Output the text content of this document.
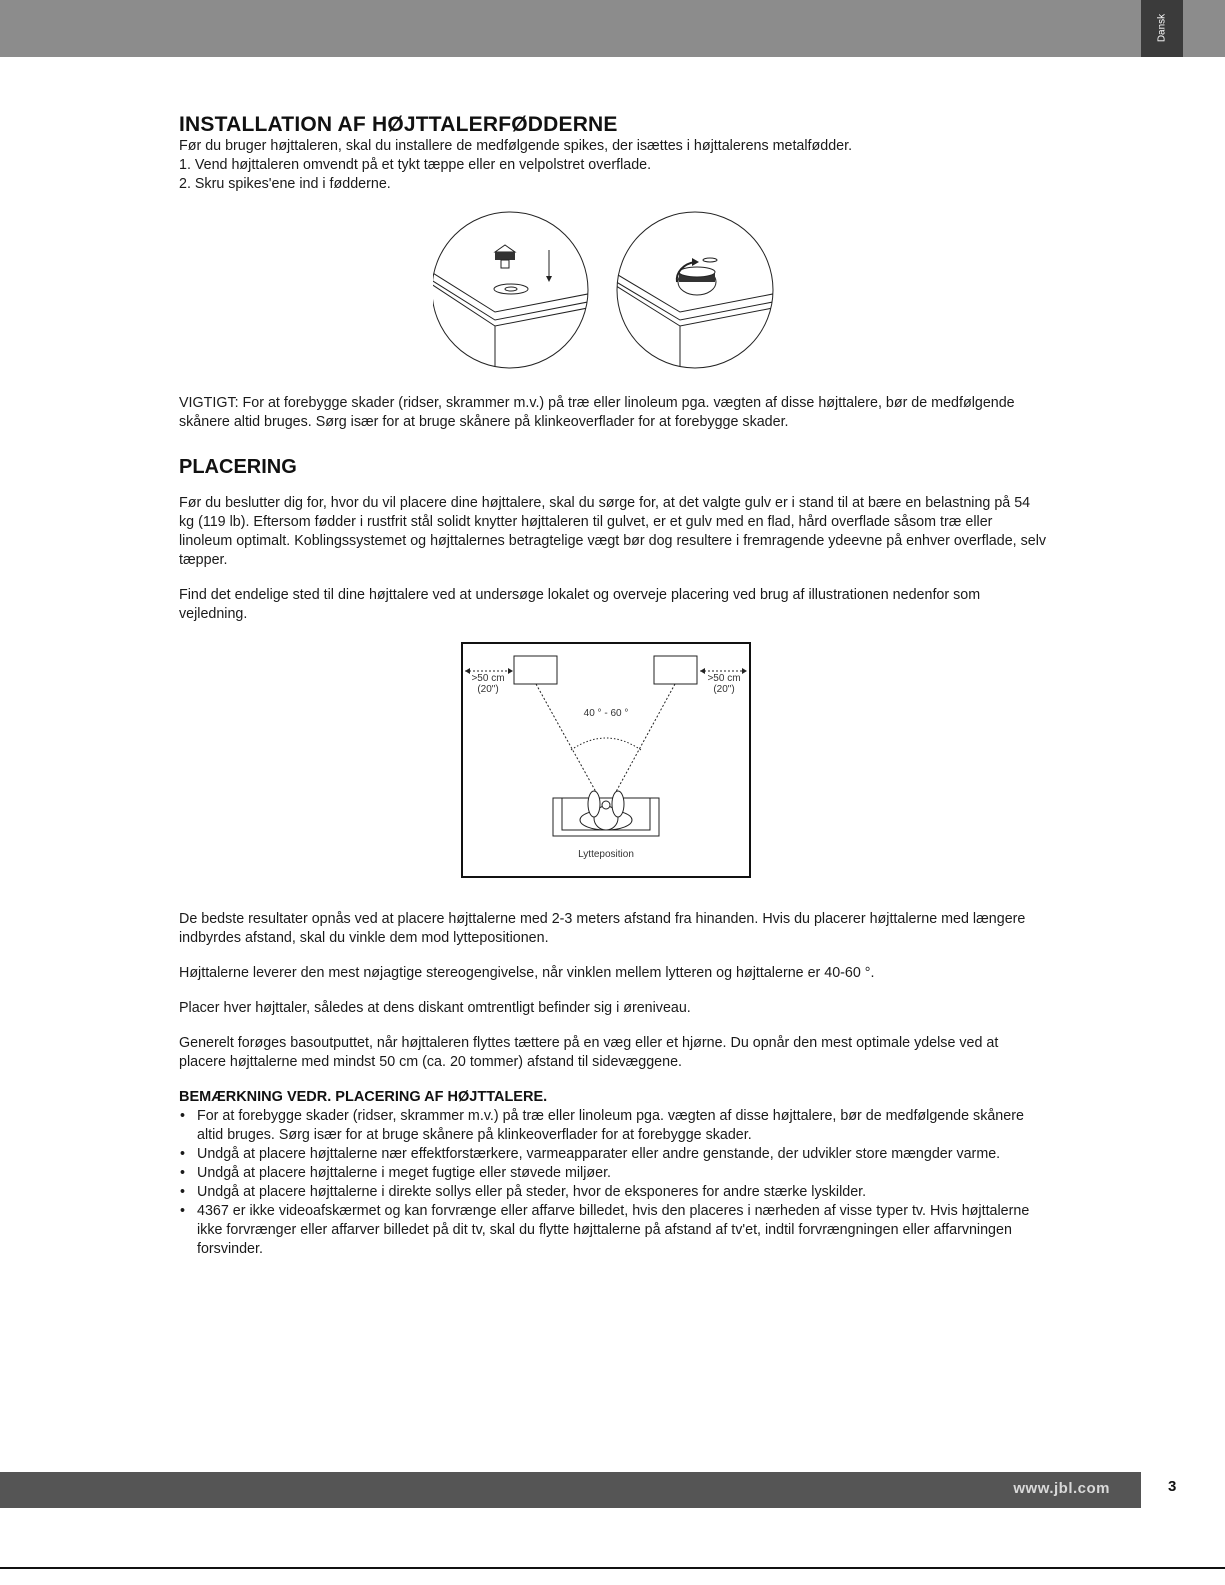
Dansk
INSTALLATION AF HØJTTALERFØDDERNE

Før du bruger højttaleren, skal du installere de medfølgende spikes, der isættes i højttalerens metalfødder.

1. Vend højttaleren omvendt på et tykt tæppe eller en velpolstret overflade.

2. Skru spikes'ene ind i fødderne.

VIGTIGT: For at forebygge skader (ridser, skrammer m.v.) på træ eller linoleum pga. vægten af disse højttalere, bør de medfølgende skånere altid bruges. Sørg især for at bruge skånere på klinkeoverflader for at forebygge skader.

PLACERING

Før du beslutter dig for, hvor du vil placere dine højttalere, skal du sørge for, at det valgte gulv er i stand til at bære en belastning på 54 kg (119 lb). Eftersom fødder i rustfrit stål solidt knytter højttaleren til gulvet, er et gulv med en flad, hård overflade såsom træ eller linoleum optimalt. Koblingssystemet og højttalernes betragtelige vægt bør dog resultere i fremragende ydeevne på enhver overflade, selv tæpper.

Find det endelige sted til dine højttalere ved at undersøge lokalet og overveje placering ved brug af illustrationen nedenfor som vejledning.

>50 cm
(20")
>50 cm
(20")
40 ° - 60 °
Lytteposition

De bedste resultater opnås ved at placere højttalerne med 2-3 meters afstand fra hinanden. Hvis du placerer højttalerne med længere indbyrdes afstand, skal du vinkle dem mod lyttepositionen.

Højttalerne leverer den mest nøjagtige stereogengivelse, når vinklen mellem lytteren og højttalerne er 40-60 °.

Placer hver højttaler, således at dens diskant omtrentligt befinder sig i øreniveau.

Generelt forøges basoutputtet, når højttaleren flyttes tættere på en væg eller et hjørne. Du opnår den mest optimale ydelse ved at placere højttalerne med mindst 50 cm (ca. 20 tommer) afstand til sidevæggene.

BEMÆRKNING VEDR. PLACERING AF HØJTTALERE.
• For at forebygge skader (ridser, skrammer m.v.) på træ eller linoleum pga. vægten af disse højttalere, bør de medfølgende skånere altid bruges. Sørg især for at bruge skånere på klinkeoverflader for at forebygge skader.
• Undgå at placere højttalerne nær effektforstærkere, varmeapparater eller andre genstande, der udvikler store mængder varme.
• Undgå at placere højttalerne i meget fugtige eller støvede miljøer.
• Undgå at placere højttalerne i direkte sollys eller på steder, hvor de eksponeres for andre stærke lyskilder.
• 4367 er ikke videoafskærmet og kan forvrænge eller affarve billedet, hvis den placeres i nærheden af visse typer tv. Hvis højttalerne ikke forvrænger eller affarver billedet på dit tv, skal du flytte højttalerne på afstand af tv'et, indtil forvrængningen eller affarvningen forsvinder.
www.jbl.com	3
